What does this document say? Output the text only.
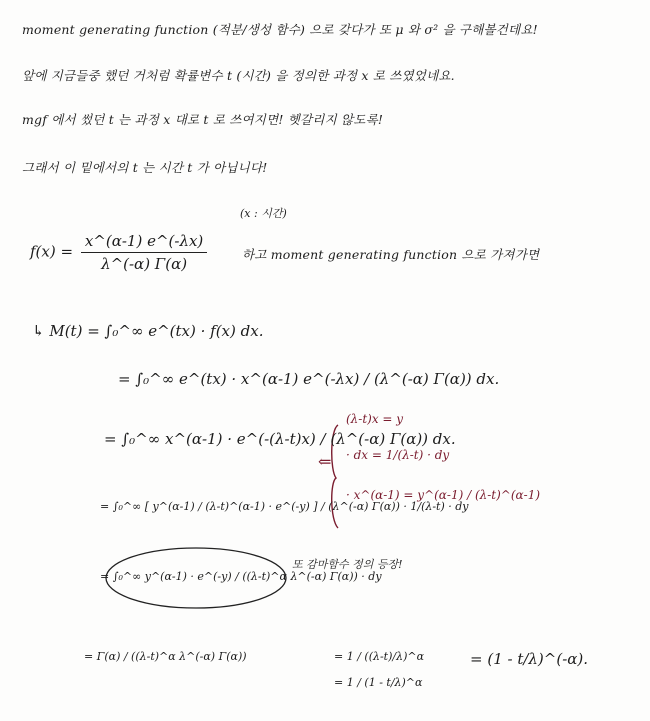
moment generating function (적분/생성 함수) 으로 갖다가 또 μ 와 σ² 을 구해볼건데요!
앞에 지금들중 했던 거처럼 확률변수 t (시간) 을 정의한 과정 x 로 쓰였었네요.
mgf 에서 썼던 t 는 과정 x 대로 t 로 쓰여지면! 헷갈리지 않도록!
그래서 이 밑에서의 t 는 시간 t 가 아닙니다!
(x : 시간)
$f(x) = \frac{x\^{}(\alpha-1) e\^{}(-\lambda x)}{\lambda\^{}(-\alpha) \Gamma(\alpha)}$	하고 moment generating function 으로 가져가면
↳ M(t) = ∫₀^∞ e^(tx) · f(x) dx.
= ∫₀^∞ e^(tx) · x^(α-1) e^(-λx) / (λ^(-α) Γ(α)) dx.
= ∫₀^∞ x^(α-1) · e^(-(λ-t)x) / (λ^(-α) Γ(α)) dx.
= ∫₀^∞ [ y^(α-1) / (λ-t)^(α-1) · e^(-y) ] / (λ^(-α) Γ(α)) · 1/(λ-t) · dy
= ∫₀^∞ y^(α-1) · e^(-y) / ((λ-t)^α λ^(-α) Γ(α)) · dy
또 감마함수 정의 등장!
⇐
(λ-t)x = y
· dx = 1/(λ-t) · dy
· x^(α-1) = y^(α-1) / (λ-t)^(α-1)
= Γ(α) / ((λ-t)^α λ^(-α) Γ(α))	= 1 / ((λ-t)/λ)^α
= 1 / (1 - t/λ)^α
= (1 - t/λ)^(-α).
